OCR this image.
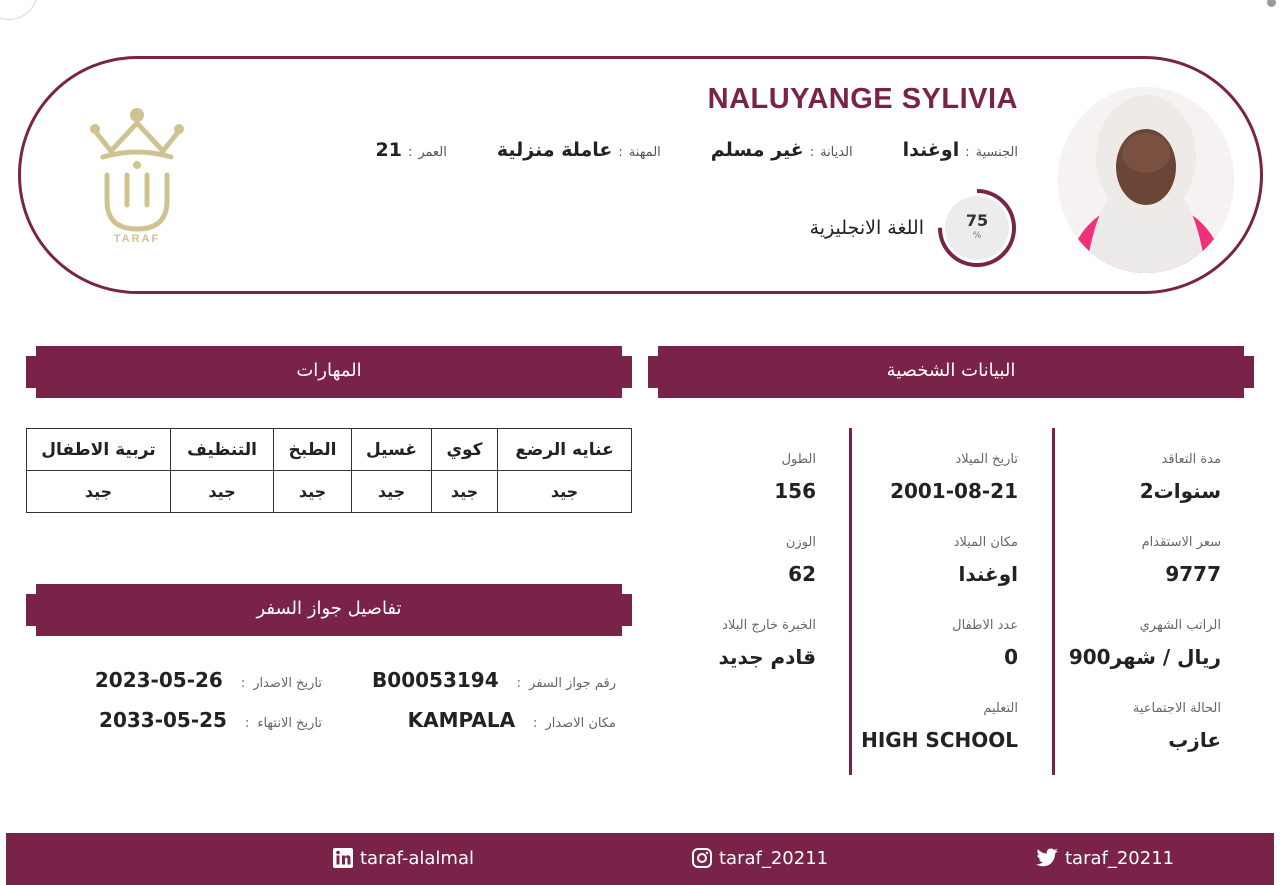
NALUYANGE SYLIVIA
الجنسية
:
اوغندا
الديانة
:
غير مسلم
المهنة
:
عاملة منزلية
العمر
:
21
75
%
اللغة الانجليزية
TARAF
البيانات الشخصية
المهارات
تفاصيل جواز السفر
مدة التعاقد
2سنوات
سعر الاستقدام
9777
الراتب الشهري
900ريال / شهر
الحالة الاجتماعية
عازب
تاريخ الميلاد
2001-08-21
مكان الميلاد
اوغندا
عدد الاطفال
0
التعليم
HIGH SCHOOL
الطول
156
الوزن
62
الخبرة خارج البلاد
قادم جديد
عنايه الرضع	كوي	غسيل	الطبخ	التنظيف	تربية الاطفال
جيد	جيد	جيد	جيد	جيد	جيد
رقم جواز السفر
:
B00053194
تاريخ الاصدار
:
2023-05-26
مكان الاصدار
:
KAMPALA
تاريخ الانتهاء
:
2033-05-25
taraf-alalmal	taraf_20211	taraf_20211
